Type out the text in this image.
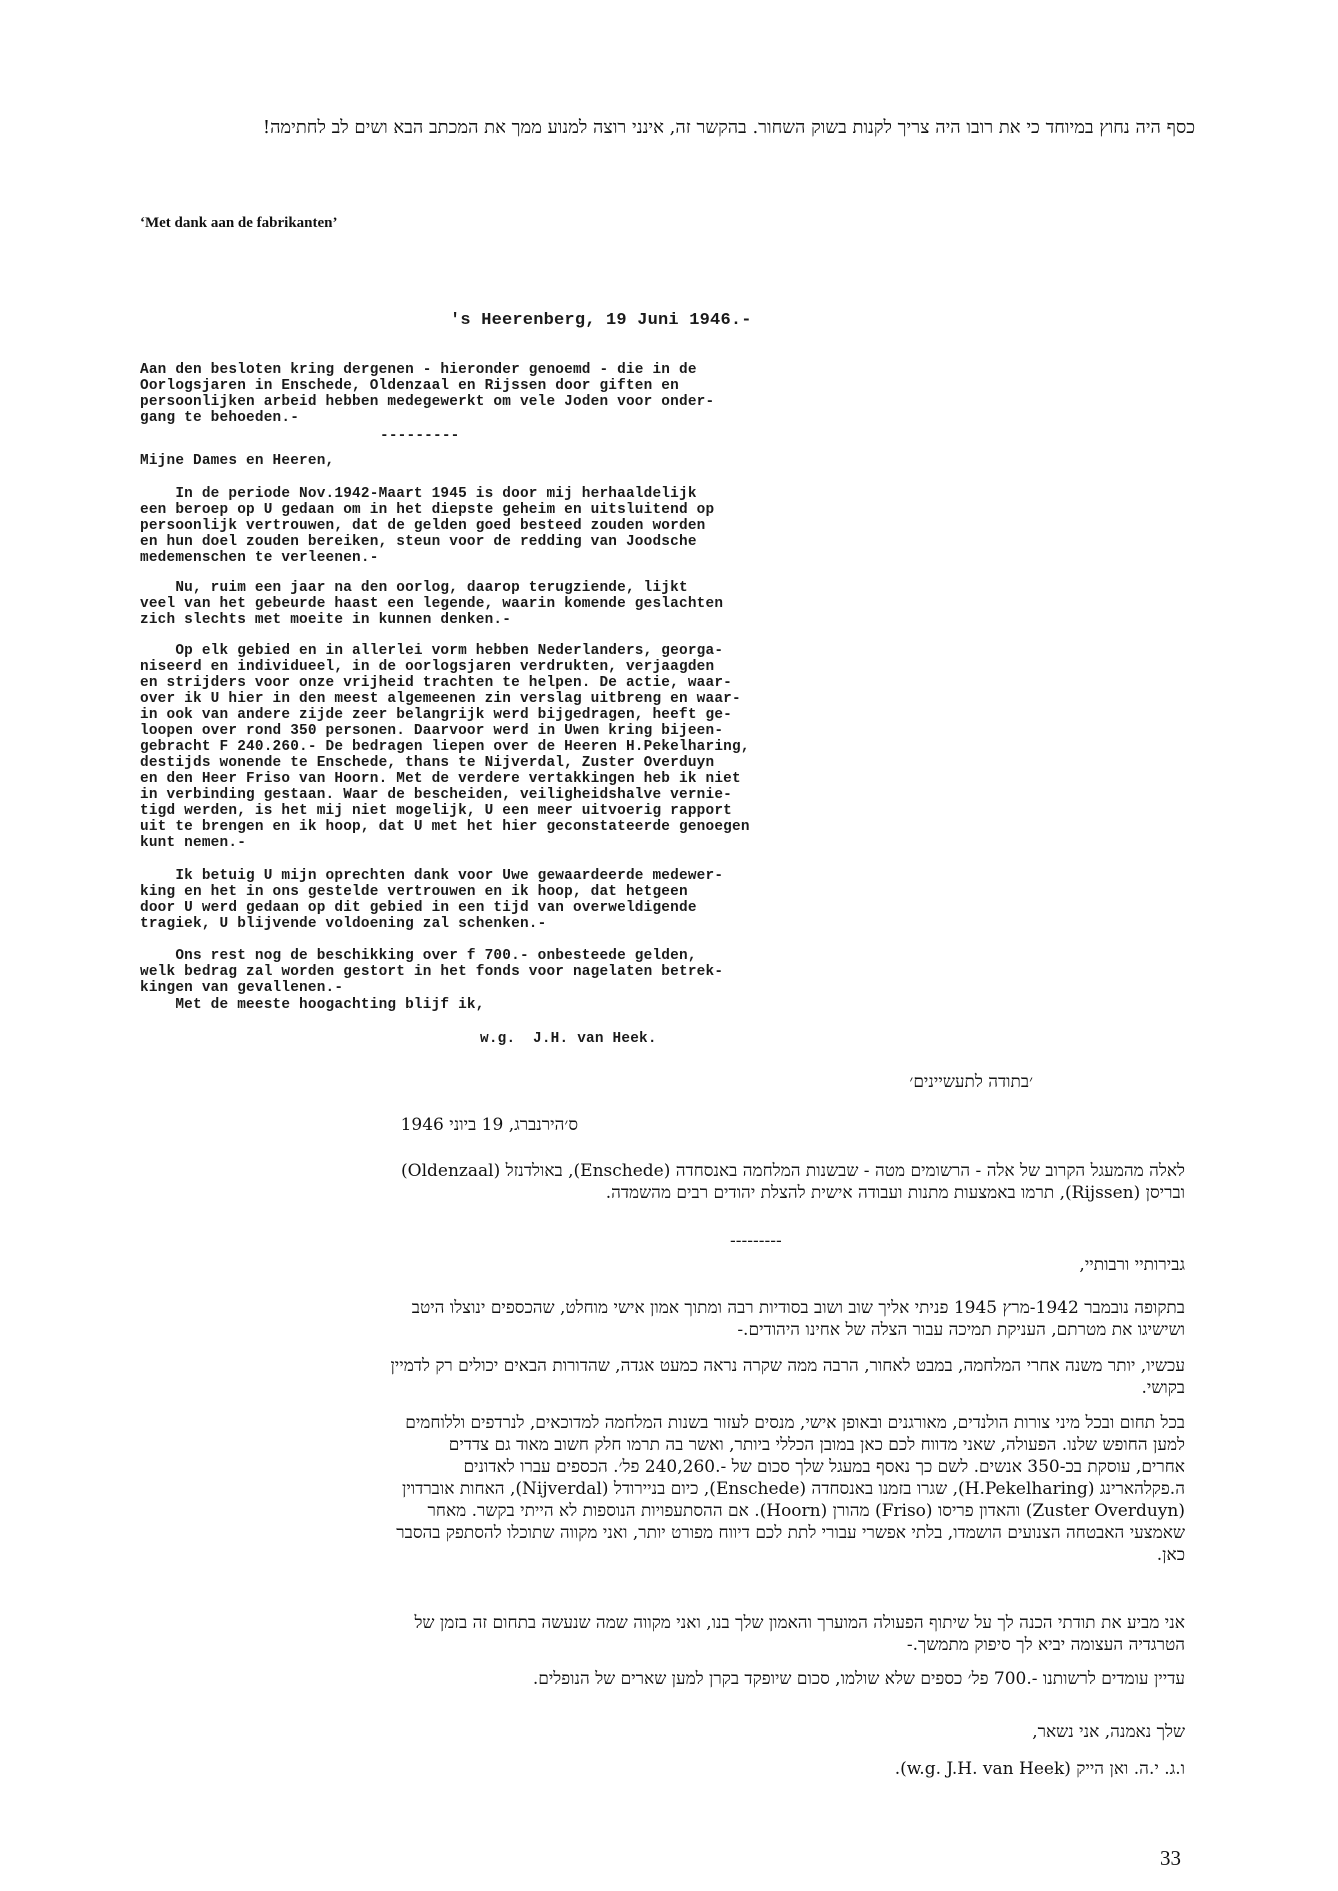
כסף היה נחוץ במיוחד כי את רובו היה צריך לקנות בשוק השחור. בהקשר זה, אינני רוצה למנוע ממך את המכתב הבא ושים לב לחתימה!

‘Met dank aan de fabrikanten’

's Heerenberg, 19 Juni 1946.-
Aan den besloten kring dergenen - hieronder genoemd - die in de
Oorlogsjaren in Enschede, Oldenzaal en Rijssen door giften en
persoonlijken arbeid hebben medegewerkt om vele Joden voor onder-
gang te behoeden.-
---------
Mijne Dames en Heeren,
In de periode Nov.1942-Maart 1945 is door mij herhaaldelijk
een beroep op U gedaan om in het diepste geheim en uitsluitend op
persoonlijk vertrouwen, dat de gelden goed besteed zouden worden
en hun doel zouden bereiken, steun voor de redding van Joodsche
medemenschen te verleenen.-
Nu, ruim een jaar na den oorlog, daarop terugziende, lijkt
veel van het gebeurde haast een legende, waarin komende geslachten
zich slechts met moeite in kunnen denken.-
Op elk gebied en in allerlei vorm hebben Nederlanders, georga-
niseerd en individueel, in de oorlogsjaren verdrukten, verjaagden
en strijders voor onze vrijheid trachten te helpen. De actie, waar-
over ik U hier in den meest algemeenen zin verslag uitbreng en waar-
in ook van andere zijde zeer belangrijk werd bijgedragen, heeft ge-
loopen over rond 350 personen. Daarvoor werd in Uwen kring bijeen-
gebracht F 240.260.- De bedragen liepen over de Heeren H.Pekelharing,
destijds wonende te Enschede, thans te Nijverdal, Zuster Overduyn
en den Heer Friso van Hoorn. Met de verdere vertakkingen heb ik niet
in verbinding gestaan. Waar de bescheiden, veiligheidshalve vernie-
tigd werden, is het mij niet mogelijk, U een meer uitvoerig rapport
uit te brengen en ik hoop, dat U met het hier geconstateerde genoegen
kunt nemen.-
Ik betuig U mijn oprechten dank voor Uwe gewaardeerde medewer-
king en het in ons gestelde vertrouwen en ik hoop, dat hetgeen
door U werd gedaan op dit gebied in een tijd van overweldigende
tragiek, U blijvende voldoening zal schenken.-
Ons rest nog de beschikking over f 700.- onbesteede gelden,
welk bedrag zal worden gestort in het fonds voor nagelaten betrek-
kingen van gevallenen.-
Met de meeste hoogachting blijf ik,
w.g.  J.H. van Heek.

׳בתודה לתעשיינים׳

ס׳הירנברג, 19 ביוני 1946

לאלה מהמעגל הקרוב של אלה - הרשומים מטה - שבשנות המלחמה באנסחדה (Enschede), באולדנזל (Oldenzaal) ובריסן (Rijssen), תרמו באמצעות מתנות ועבודה אישית להצלת יהודים רבים מהשמדה.

---------

גבירותיי ורבותיי,

בתקופה נובמבר 1942-מרץ 1945 פניתי אליך שוב ושוב בסודיות רבה ומתוך אמון אישי מוחלט, שהכספים ינוצלו היטב ושישיגו את מטרתם, העניקת תמיכה עבור הצלה של אחינו היהודים.-

עכשיו, יותר משנה אחרי המלחמה, במבט לאחור, הרבה ממה שקרה נראה כמעט אגדה, שהדורות הבאים יכולים רק לדמיין בקושי.

בכל תחום ובכל מיני צורות הולנדים, מאורגנים ובאופן אישי, מנסים לעזור בשנות המלחמה למדוכאים, לנרדפים וללוחמים למען החופש שלנו. הפעולה, שאני מדווח לכם כאן במובן הכללי ביותר, ואשר בה תרמו חלק חשוב מאוד גם צדדים אחרים, עוסקת בכ-350 אנשים. לשם כך נאסף במעגל שלך סכום של -.240,260 פל׳. הכספים עברו לאדונים ה.פקלהארינג (H.Pekelharing), שגרו בזמנו באנסחדה (Enschede), כיום בניירודל (Nijverdal), האחות אוברדוין (Zuster Overduyn) והאדון פריסו (Friso) מהורן (Hoorn). אם ההסתעפויות הנוספות לא הייתי בקשר. מאחר שאמצעי האבטחה הצנועים הושמדו, בלתי אפשרי עבורי לתת לכם דיווח מפורט יותר, ואני מקווה שתוכלו להסתפק בהסבר כאן.

אני מביע את תודתי הכנה לך על שיתוף הפעולה המוערך והאמון שלך בנו, ואני מקווה שמה שנעשה בתחום זה בזמן של הטרגדיה העצומה יביא לך סיפוק מתמשך.-

עדיין עומדים לרשותנו -.700 פל׳ כספים שלא שולמו, סכום שיופקד בקרן למען שארים של הנופלים.

שלך נאמנה, אני נשאר,

ו.ג. י.ה. ואן הייק (w.g. J.H. van Heek).

33
